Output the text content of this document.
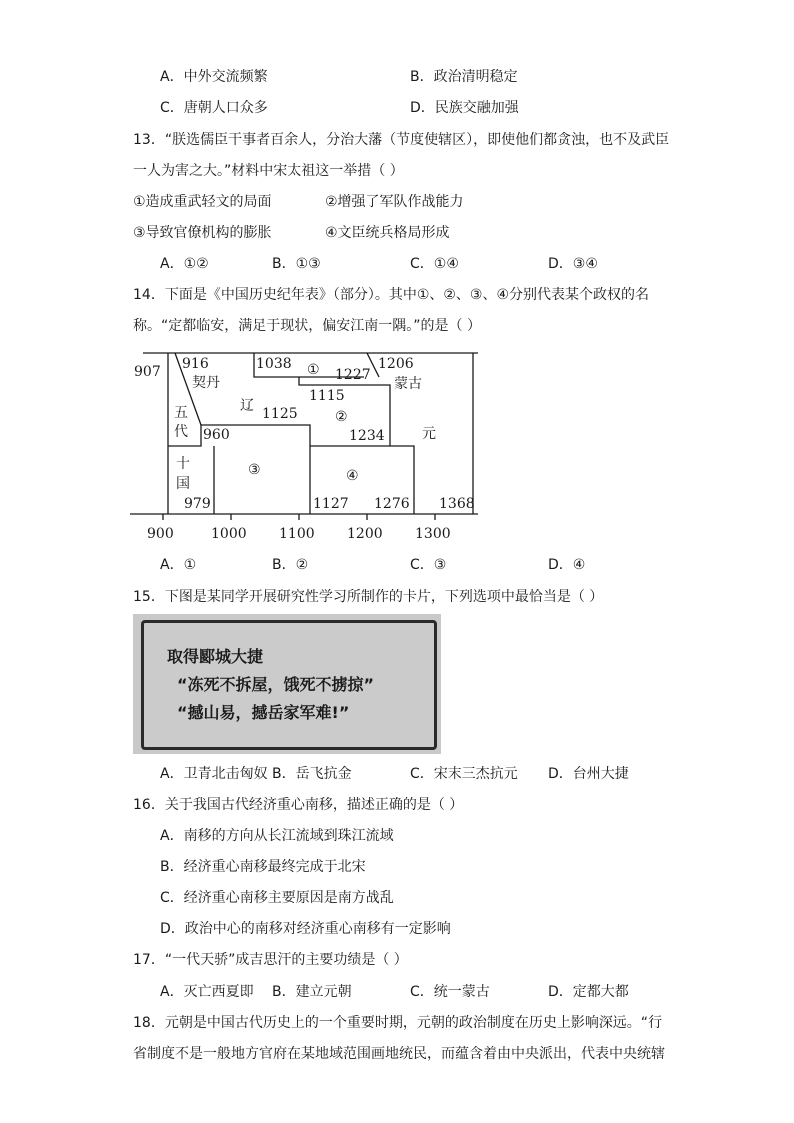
A．中外交流频繁	B．政治清明稳定
C．唐朝人口众多	D．民族交融加强
13．“朕选儒臣干事者百余人，分治大藩（节度使辖区），即使他们都贪浊，也不及武臣
一人为害之大。”材料中宋太祖这一举措（ ）
①造成重武轻文的局面	②增强了军队作战能力
③导致官僚机构的膨胀	④文臣统兵格局形成
A．①②	B．①③	C．①④	D．③④
14．下面是《中国历史纪年表》（部分）。其中①、②、③、④分别代表某个政权的名
称。“定都临安，满足于现状，偏安江南一隅。”的是（ ）
907 916
契丹
1038 ① 1227
1206
蒙古
五
代
辽 1125
1115
②
1234	元
960
十
国
979
③	④
1127 1276 1368
900	1000 1100 1200 1300
A．①	B．②	C．③	D．④
15．下图是某同学开展研究性学习所制作的卡片，下列选项中最恰当是（ ）
取得郾城大捷
“冻死不拆屋，饿死不掳掠”
“撼山易，撼岳家军难!”
A．卫青北击匈奴 B．岳飞抗金	C．宋末三杰抗元 D．台州大捷
16．关于我国古代经济重心南移，描述正确的是（ ）
A．南移的方向从长江流域到珠江流域
B．经济重心南移最终完成于北宋
C．经济重心南移主要原因是南方战乱
D．政治中心的南移对经济重心南移有一定影响
17．“一代天骄”成吉思汗的主要功绩是（ ）
A．灭亡西夏即 B．建立元朝	C．统一蒙古	D．定都大都
18．元朝是中国古代历史上的一个重要时期，元朝的政治制度在历史上影响深远。“行
省制度不是一般地方官府在某地域范围画地统民，而蕴含着由中央派出，代表中央统辖
